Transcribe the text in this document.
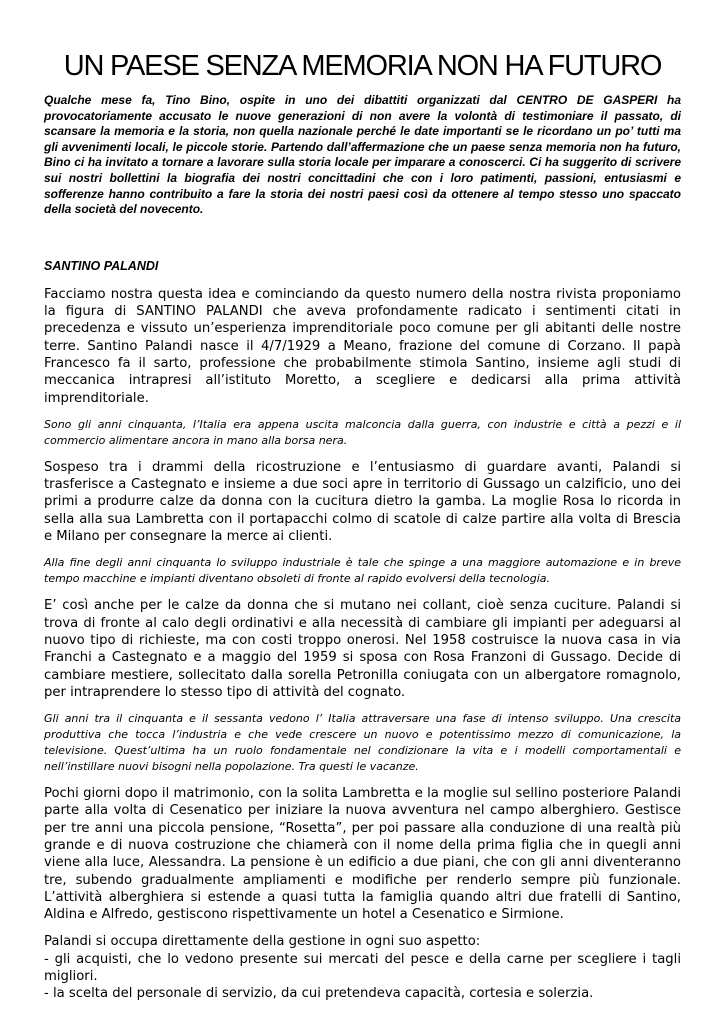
UN PAESE SENZA MEMORIA NON HA FUTURO

Qualche mese fa, Tino Bino, ospite in uno dei dibattiti organizzati dal CENTRO DE GASPERI ha provocatoriamente accusato le nuove generazioni di non avere la volontà di testimoniare il passato, di scansare la memoria e la storia, non quella nazionale perché le date importanti se le ricordano un po’ tutti ma gli avvenimenti locali, le piccole storie. Partendo dall’affermazione che un paese senza memoria non ha futuro, Bino ci ha invitato a tornare a lavorare sulla storia locale per imparare a conoscerci. Ci ha suggerito di scrivere sui nostri bollettini la biografia dei nostri concittadini che con i loro patimenti, passioni, entusiasmi e sofferenze hanno contribuito a fare la storia dei nostri paesi così da ottenere al tempo stesso uno spaccato della società del novecento.

SANTINO PALANDI

Facciamo nostra questa idea e cominciando da questo numero della nostra rivista proponiamo la figura di SANTINO PALANDI che aveva profondamente radicato i sentimenti citati in precedenza e vissuto un’esperienza imprenditoriale poco comune per gli abitanti delle nostre terre. Santino Palandi nasce il 4/7/1929 a Meano, frazione del comune di Corzano. Il papà Francesco fa il sarto, professione che probabilmente stimola Santino, insieme agli studi di meccanica intrapresi all’istituto Moretto, a scegliere e dedicarsi alla prima attività imprenditoriale.

Sono gli anni cinquanta, l’Italia era appena uscita malconcia dalla guerra, con industrie e città a pezzi e il commercio alimentare ancora in mano alla borsa nera.

Sospeso tra i drammi della ricostruzione e l’entusiasmo di guardare avanti, Palandi si trasferisce a Castegnato e insieme a due soci apre in territorio di Gussago un calzificio, uno dei primi a produrre calze da donna con la cucitura dietro la gamba. La moglie Rosa lo ricorda in sella alla sua Lambretta con il portapacchi colmo di scatole di calze partire alla volta di Brescia e Milano per consegnare la merce ai clienti.

Alla fine degli anni cinquanta lo sviluppo industriale è tale che spinge a una maggiore automazione e in breve tempo macchine e impianti diventano obsoleti di fronte al rapido evolversi della tecnologia.

E’ così anche per le calze da donna che si mutano nei collant, cioè senza cuciture. Palandi si trova di fronte al calo degli ordinativi e alla necessità di cambiare gli impianti per adeguarsi al nuovo tipo di richieste, ma con costi troppo onerosi. Nel 1958 costruisce la nuova casa in via Franchi a Castegnato e a maggio del 1959 si sposa con Rosa Franzoni di Gussago. Decide di cambiare mestiere, sollecitato dalla sorella Petronilla coniugata con un albergatore romagnolo, per intraprendere lo stesso tipo di attività del cognato.

Gli anni tra il cinquanta e il sessanta vedono l’ Italia attraversare una fase di intenso sviluppo. Una crescita produttiva che tocca l’industria e che vede crescere un nuovo e potentissimo mezzo di comunicazione, la televisione. Quest’ultima ha un ruolo fondamentale nel condizionare la vita e i modelli comportamentali e nell’instillare nuovi bisogni nella popolazione. Tra questi le vacanze.

Pochi giorni dopo il matrimonio, con la solita Lambretta e la moglie sul sellino posteriore Palandi parte alla volta di Cesenatico per iniziare la nuova avventura nel campo alberghiero. Gestisce per tre anni una piccola pensione, “Rosetta”, per poi passare alla conduzione di una realtà più grande e di nuova costruzione che chiamerà con il nome della prima figlia che in quegli anni viene alla luce, Alessandra. La pensione è un edificio a due piani, che con gli anni diventeranno tre, subendo gradualmente ampliamenti e modifiche per renderlo sempre più funzionale. L’attività alberghiera si estende a quasi tutta la famiglia quando altri due fratelli di Santino, Aldina e Alfredo, gestiscono rispettivamente un hotel a Cesenatico e Sirmione.

Palandi si occupa direttamente della gestione in ogni suo aspetto:
- gli acquisti, che lo vedono presente sui mercati del pesce e della carne per scegliere i tagli migliori.
- la scelta del personale di servizio, da cui pretendeva capacità, cortesia e solerzia.
